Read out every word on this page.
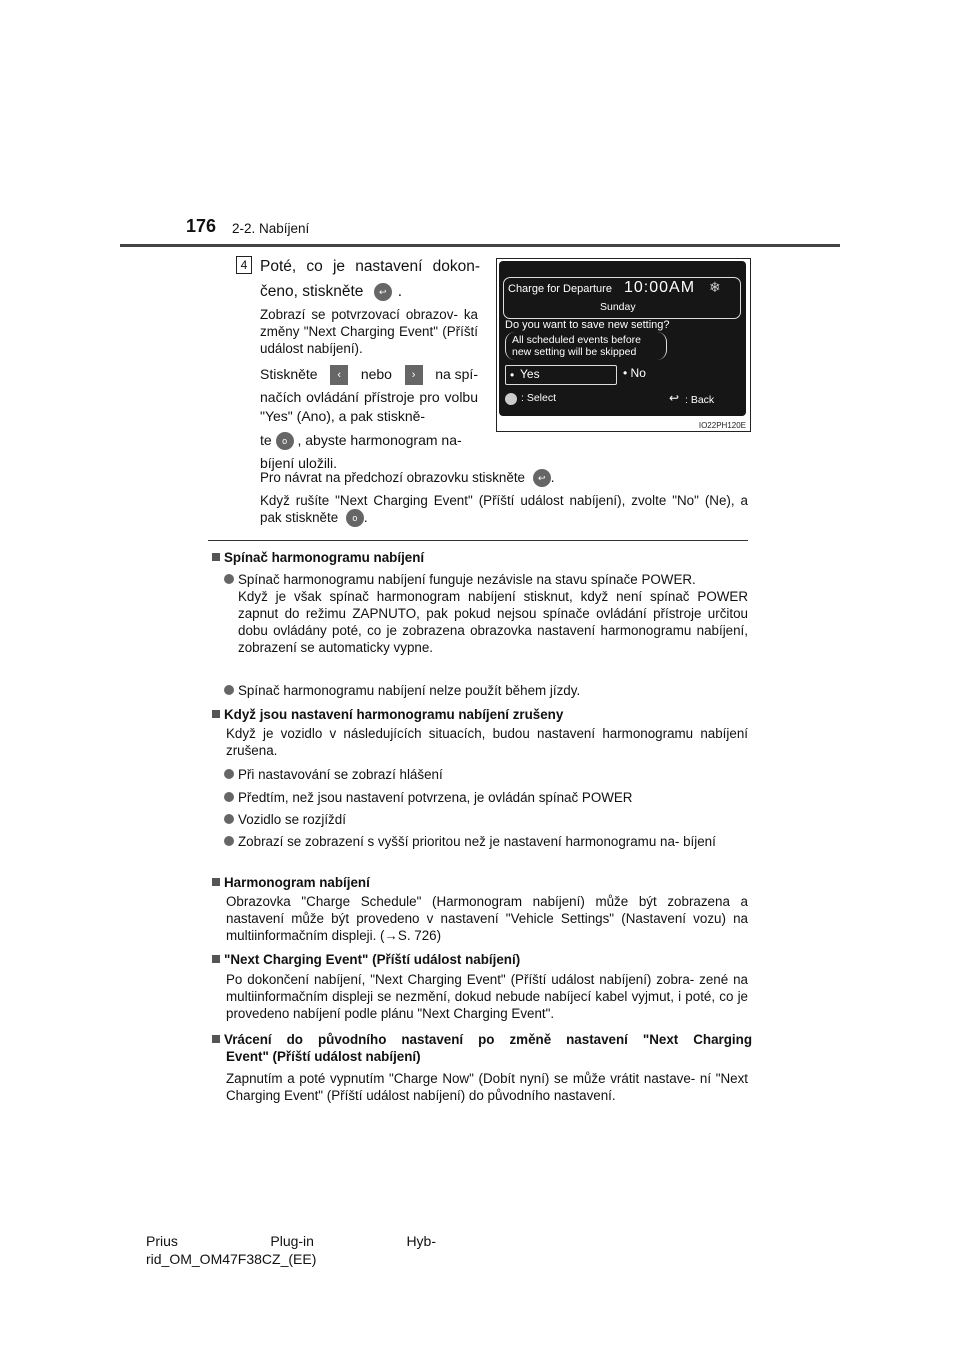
176 2-2. Nabíjení
4 Poté, co je nastavení dokon-
čeno, stiskněte ↩ .
Zobrazí se potvrzovací obrazov- ka změny "Next Charging Event" (Příští událost nabíjení).
Stiskněte	‹	nebo	›	na spí-
načích ovládání přístroje pro volbu "Yes" (Ano), a pak stiskně-
te o , abyste harmonogram na-
bíjení uložili.
Pro návrat na předchozí obrazovku stiskněte ↩ .
Když rušíte "Next Charging Event" (Příští událost nabíjení), zvolte "No" (Ne), a pak stiskněte o .
Charge for Departure 10:00AM ❄
Sunday
Do you want to save new setting?
All scheduled events before
new setting will be skipped
• Yes	• No
: Select	↩ : Back
IO22PH120E
Spínač harmonogramu nabíjení
Spínač harmonogramu nabíjení funguje nezávisle na stavu spínače POWER.
Když je však spínač harmonogram nabíjení stisknut, když není spínač POWER zapnut do režimu ZAPNUTO, pak pokud nejsou spínače ovládání přístroje určitou dobu ovládány poté, co je zobrazena obrazovka nastavení harmonogramu nabíjení, zobrazení se automaticky vypne.
Spínač harmonogramu nabíjení nelze použít během jízdy.
Když jsou nastavení harmonogramu nabíjení zrušeny
Když je vozidlo v následujících situacích, budou nastavení harmonogramu nabíjení zrušena.
Při nastavování se zobrazí hlášení
Předtím, než jsou nastavení potvrzena, je ovládán spínač POWER
Vozidlo se rozjíždí
Zobrazí se zobrazení s vyšší prioritou než je nastavení harmonogramu na- bíjení
Harmonogram nabíjení
Obrazovka "Charge Schedule" (Harmonogram nabíjení) může být zobrazena a nastavení může být provedeno v nastavení "Vehicle Settings" (Nastavení vozu) na multiinformačním displeji. (→S. 726)
"Next Charging Event" (Příští událost nabíjení)
Po dokončení nabíjení, "Next Charging Event" (Příští událost nabíjení) zobra- zené na multiinformačním displeji se nezmění, dokud nebude nabíjecí kabel vyjmut, i poté, co je provedeno nabíjení podle plánu "Next Charging Event".
Vrácení do původního nastavení po změně nastavení "Next Charging
Event" (Příští událost nabíjení)
Zapnutím a poté vypnutím "Charge Now" (Dobít nyní) se může vrátit nastave- ní "Next Charging Event" (Příští událost nabíjení) do původního nastavení.
Prius	Plug-in	Hyb-
rid_OM_OM47F38CZ_(EE)
